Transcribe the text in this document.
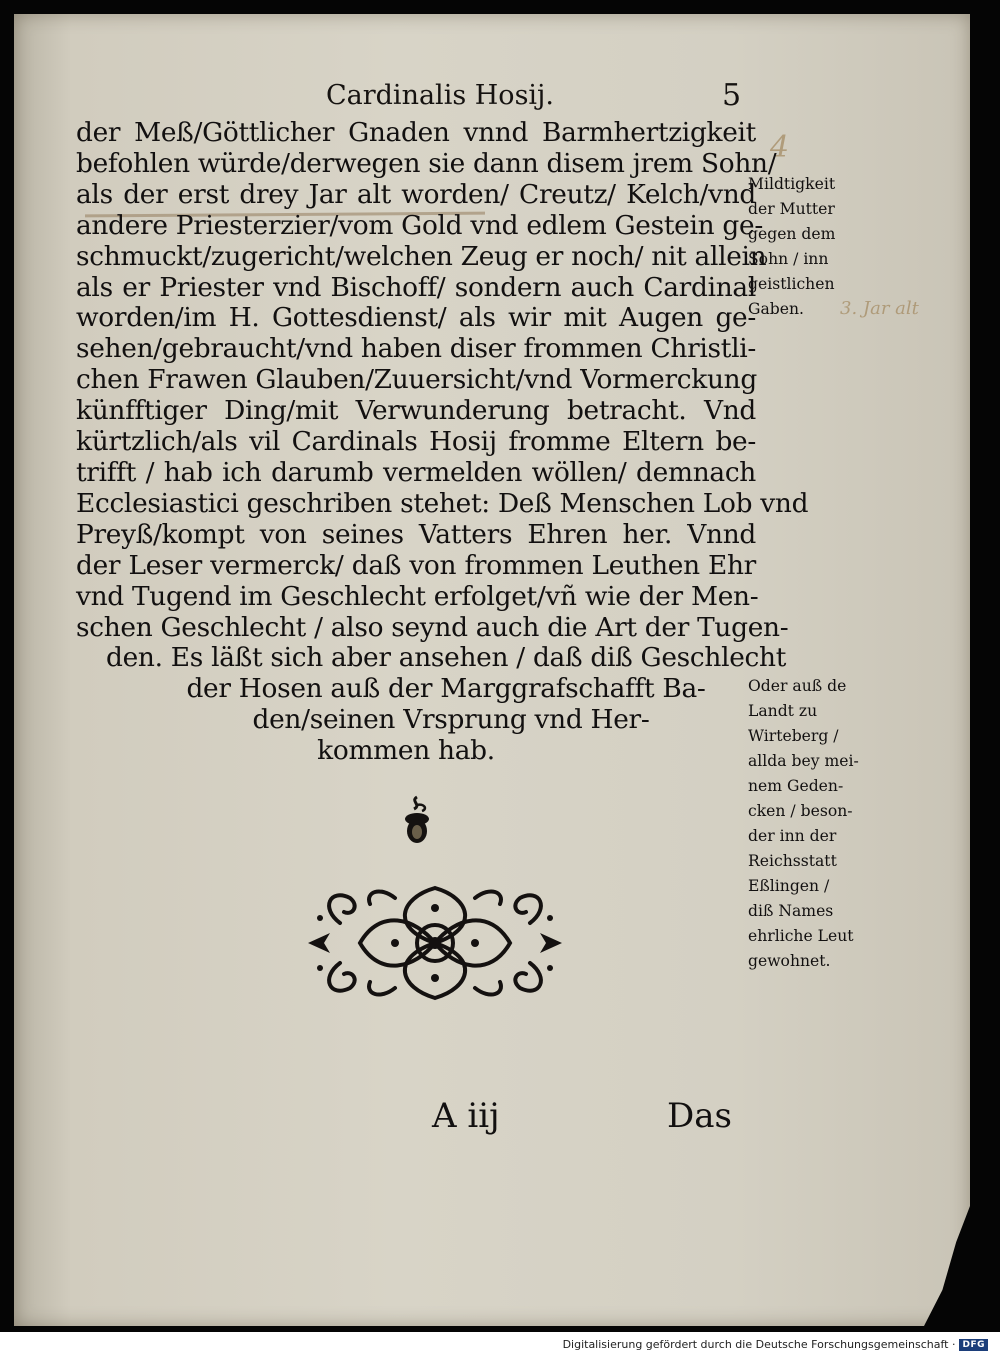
Cardinalis Hosij.	5
4
3. Jar alt
der Meß/Göttlicher Gnaden vnnd Barmhertzigkeit
befohlen würde/derwegen sie dann disem jrem Sohn/
als der erst drey Jar alt worden/ Creutz/ Kelch/vnd
andere Priesterzier/vom Gold vnd edlem Gestein ge-
schmuckt/zugericht/welchen Zeug er noch/ nit allein
als er Priester vnd Bischoff/ sondern auch Cardinal
worden/im H. Gottesdienst/ als wir mit Augen ge-
sehen/gebraucht/vnd haben diser frommen Christli-
chen Frawen Glauben/Zuuersicht/vnd Vormerckung
künfftiger Ding/mit Verwunderung betracht. Vnd
kürtzlich/als vil Cardinals Hosij fromme Eltern be-
trifft / hab ich darumb vermelden wöllen/ demnach
Ecclesiastici geschriben stehet: Deß Menschen Lob vnd
Preyß/kompt von seines Vatters Ehren her. Vnnd
der Leser vermerck/ daß von frommen Leuthen Ehr
vnd Tugend im Geschlecht erfolget/vñ wie der Men-
schen Geschlecht / also seynd auch die Art der Tugen-
den. Es läßt sich aber ansehen / daß diß Geschlecht
der Hosen auß der Marggrafschafft Ba-
den/seinen Vrsprung vnd Her-
kommen hab.
Mildtigkeit
der Mutter
gegen dem
Sohn / inn
geistlichen
Gaben.
Oder auß de
Landt zu
Wirteberg /
allda bey mei-
nem Geden-
cken / beson-
der inn der
Reichsstatt
Eßlingen /
diß Names
ehrliche Leut
gewohnet.
A iij	Das
Digitalisierung gefördert durch die Deutsche Forschungsgemeinschaft · DFG
